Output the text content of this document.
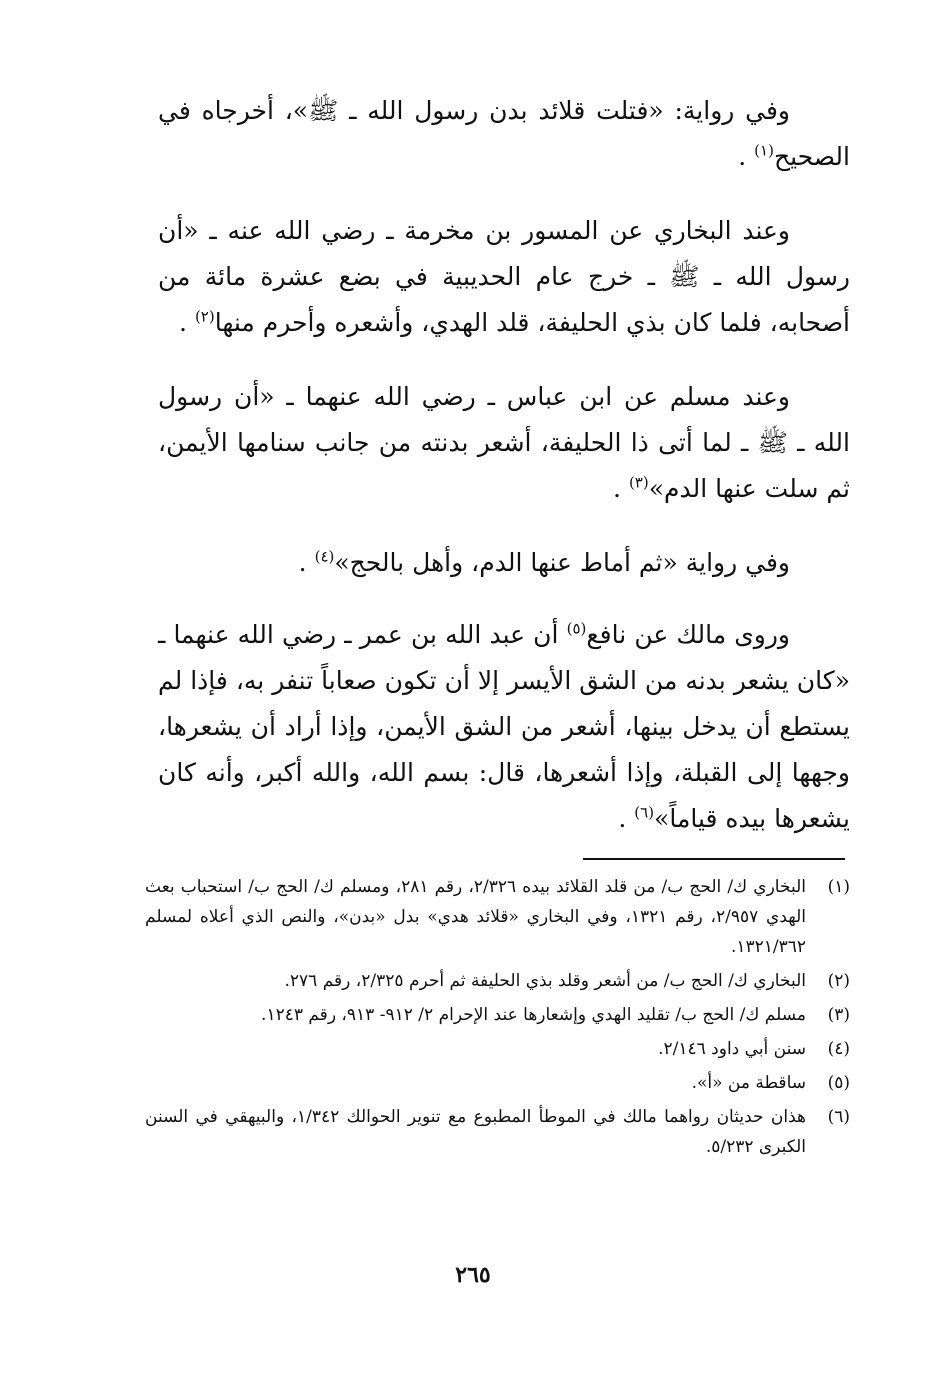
وفي رواية: «فتلت قلائد بدن رسول الله ـ ﷺ»، أخرجاه في الصحيح$^{(١)}$ .

وعند البخاري عن المسور بن مخرمة ـ رضي الله عنه ـ «أن رسول الله ـ ﷺ ـ خرج عام الحديبية في بضع عشرة مائة من أصحابه، فلما كان بذي الحليفة، قلد الهدي، وأشعره وأحرم منها$^{(٢)}$ .

وعند مسلم عن ابن عباس ـ رضي الله عنهما ـ «أن رسول الله ـ ﷺ ـ لما أتى ذا الحليفة، أشعر بدنته من جانب سنامها الأيمن، ثم سلت عنها الدم»$^{(٣)}$ .

وفي رواية «ثم أماط عنها الدم، وأهل بالحج»$^{(٤)}$ .

وروى مالك عن نافع$^{(٥)}$ أن عبد الله بن عمر ـ رضي الله عنهما ـ «كان يشعر بدنه من الشق الأيسر إلا أن تكون صعاباً تنفر به، فإذا لم يستطع أن يدخل بينها، أشعر من الشق الأيمن، وإذا أراد أن يشعرها، وجهها إلى القبلة، وإذا أشعرها، قال: بسم الله، والله أكبر، وأنه كان يشعرها بيده قياماً»$^{(٦)}$ .

(١)
البخاري ك/ الحج ب/ من قلد القلائد بيده ٢/٣٢٦، رقم ٢٨١، ومسلم ك/ الحج ب/ استحباب بعث الهدي ٢/٩٥٧، رقم ١٣٢١، وفي البخاري «قلائد هدي» بدل «بدن»، والنص الذي أعلاه لمسلم ١٣٢١/٣٦٢.
(٢)
البخاري ك/ الحج ب/ من أشعر وقلد بذي الحليفة ثم أحرم ٢/٣٢٥، رقم ٢٧٦.
(٣)
مسلم ك/ الحج ب/ تقليد الهدي وإشعارها عند الإحرام ٢/ ٩١٢- ٩١٣، رقم ١٢٤٣.
(٤)
سنن أبي داود ٢/١٤٦.
(٥)
ساقطة من «أ».
(٦)
هذان حديثان رواهما مالك في الموطأ المطبوع مع تنوير الحوالك ١/٣٤٢، والبيهقي في السنن الكبرى ٥/٢٣٢.
٢٦٥
